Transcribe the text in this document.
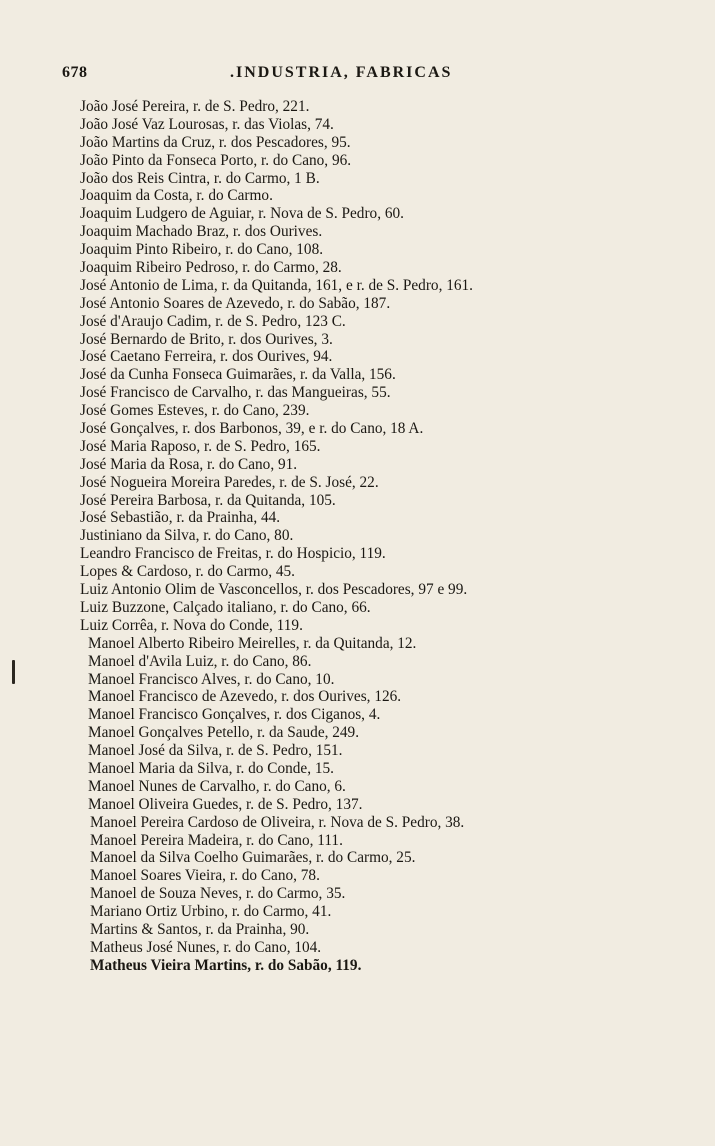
678	.INDUSTRIA, FABRICAS
João José Pereira, r. de S. Pedro, 221.
João José Vaz Lourosas, r. das Violas, 74.
João Martins da Cruz, r. dos Pescadores, 95.
João Pinto da Fonseca Porto, r. do Cano, 96.
João dos Reis Cintra, r. do Carmo, 1 B.
Joaquim da Costa, r. do Carmo.
Joaquim Ludgero de Aguiar, r. Nova de S. Pedro, 60.
Joaquim Machado Braz, r. dos Ourives.
Joaquim Pinto Ribeiro, r. do Cano, 108.
Joaquim Ribeiro Pedroso, r. do Carmo, 28.
José Antonio de Lima, r. da Quitanda, 161, e r. de S. Pedro, 161.
José Antonio Soares de Azevedo, r. do Sabão, 187.
José d'Araujo Cadim, r. de S. Pedro, 123 C.
José Bernardo de Brito, r. dos Ourives, 3.
José Caetano Ferreira, r. dos Ourives, 94.
José da Cunha Fonseca Guimarães, r. da Valla, 156.
José Francisco de Carvalho, r. das Mangueiras, 55.
José Gomes Esteves, r. do Cano, 239.
José Gonçalves, r. dos Barbonos, 39, e r. do Cano, 18 A.
José Maria Raposo, r. de S. Pedro, 165.
José Maria da Rosa, r. do Cano, 91.
José Nogueira Moreira Paredes, r. de S. José, 22.
José Pereira Barbosa, r. da Quitanda, 105.
José Sebastião, r. da Prainha, 44.
Justiniano da Silva, r. do Cano, 80.
Leandro Francisco de Freitas, r. do Hospicio, 119.
Lopes & Cardoso, r. do Carmo, 45.
Luiz Antonio Olim de Vasconcellos, r. dos Pescadores, 97 e 99.
Luiz Buzzone, Calçado italiano, r. do Cano, 66.
Luiz Corrêa, r. Nova do Conde, 119.
Manoel Alberto Ribeiro Meirelles, r. da Quitanda, 12.
Manoel d'Avila Luiz, r. do Cano, 86.
Manoel Francisco Alves, r. do Cano, 10.
Manoel Francisco de Azevedo, r. dos Ourives, 126.
Manoel Francisco Gonçalves, r. dos Ciganos, 4.
Manoel Gonçalves Petello, r. da Saude, 249.
Manoel José da Silva, r. de S. Pedro, 151.
Manoel Maria da Silva, r. do Conde, 15.
Manoel Nunes de Carvalho, r. do Cano, 6.
Manoel Oliveira Guedes, r. de S. Pedro, 137.
Manoel Pereira Cardoso de Oliveira, r. Nova de S. Pedro, 38.
Manoel Pereira Madeira, r. do Cano, 111.
Manoel da Silva Coelho Guimarães, r. do Carmo, 25.
Manoel Soares Vieira, r. do Cano, 78.
Manoel de Souza Neves, r. do Carmo, 35.
Mariano Ortiz Urbino, r. do Carmo, 41.
Martins & Santos, r. da Prainha, 90.
Matheus José Nunes, r. do Cano, 104.
Matheus Vieira Martins, r. do Sabão, 119.
